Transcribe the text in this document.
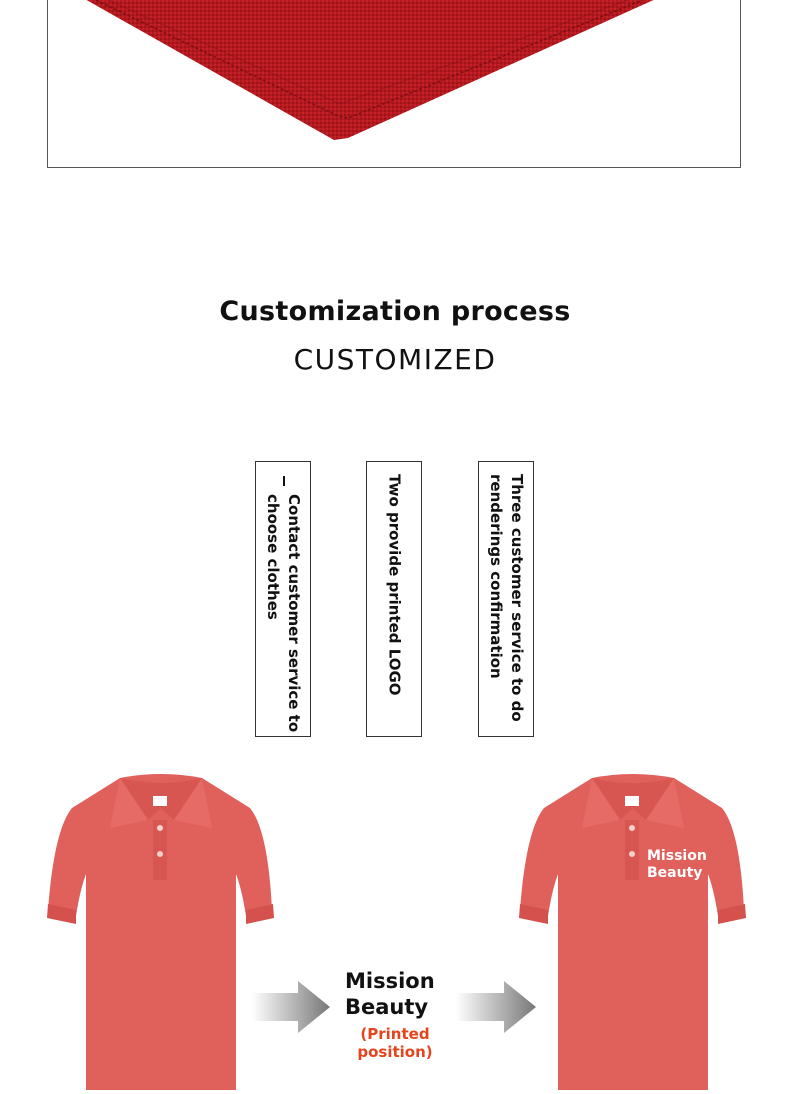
Customization process
CUSTOMIZED
Contact customer service to choose clothes	Two provide printed LOGO	Three customer service to do renderings confirmation
Mission
Beauty
Mission
Beauty
(Printed position)
